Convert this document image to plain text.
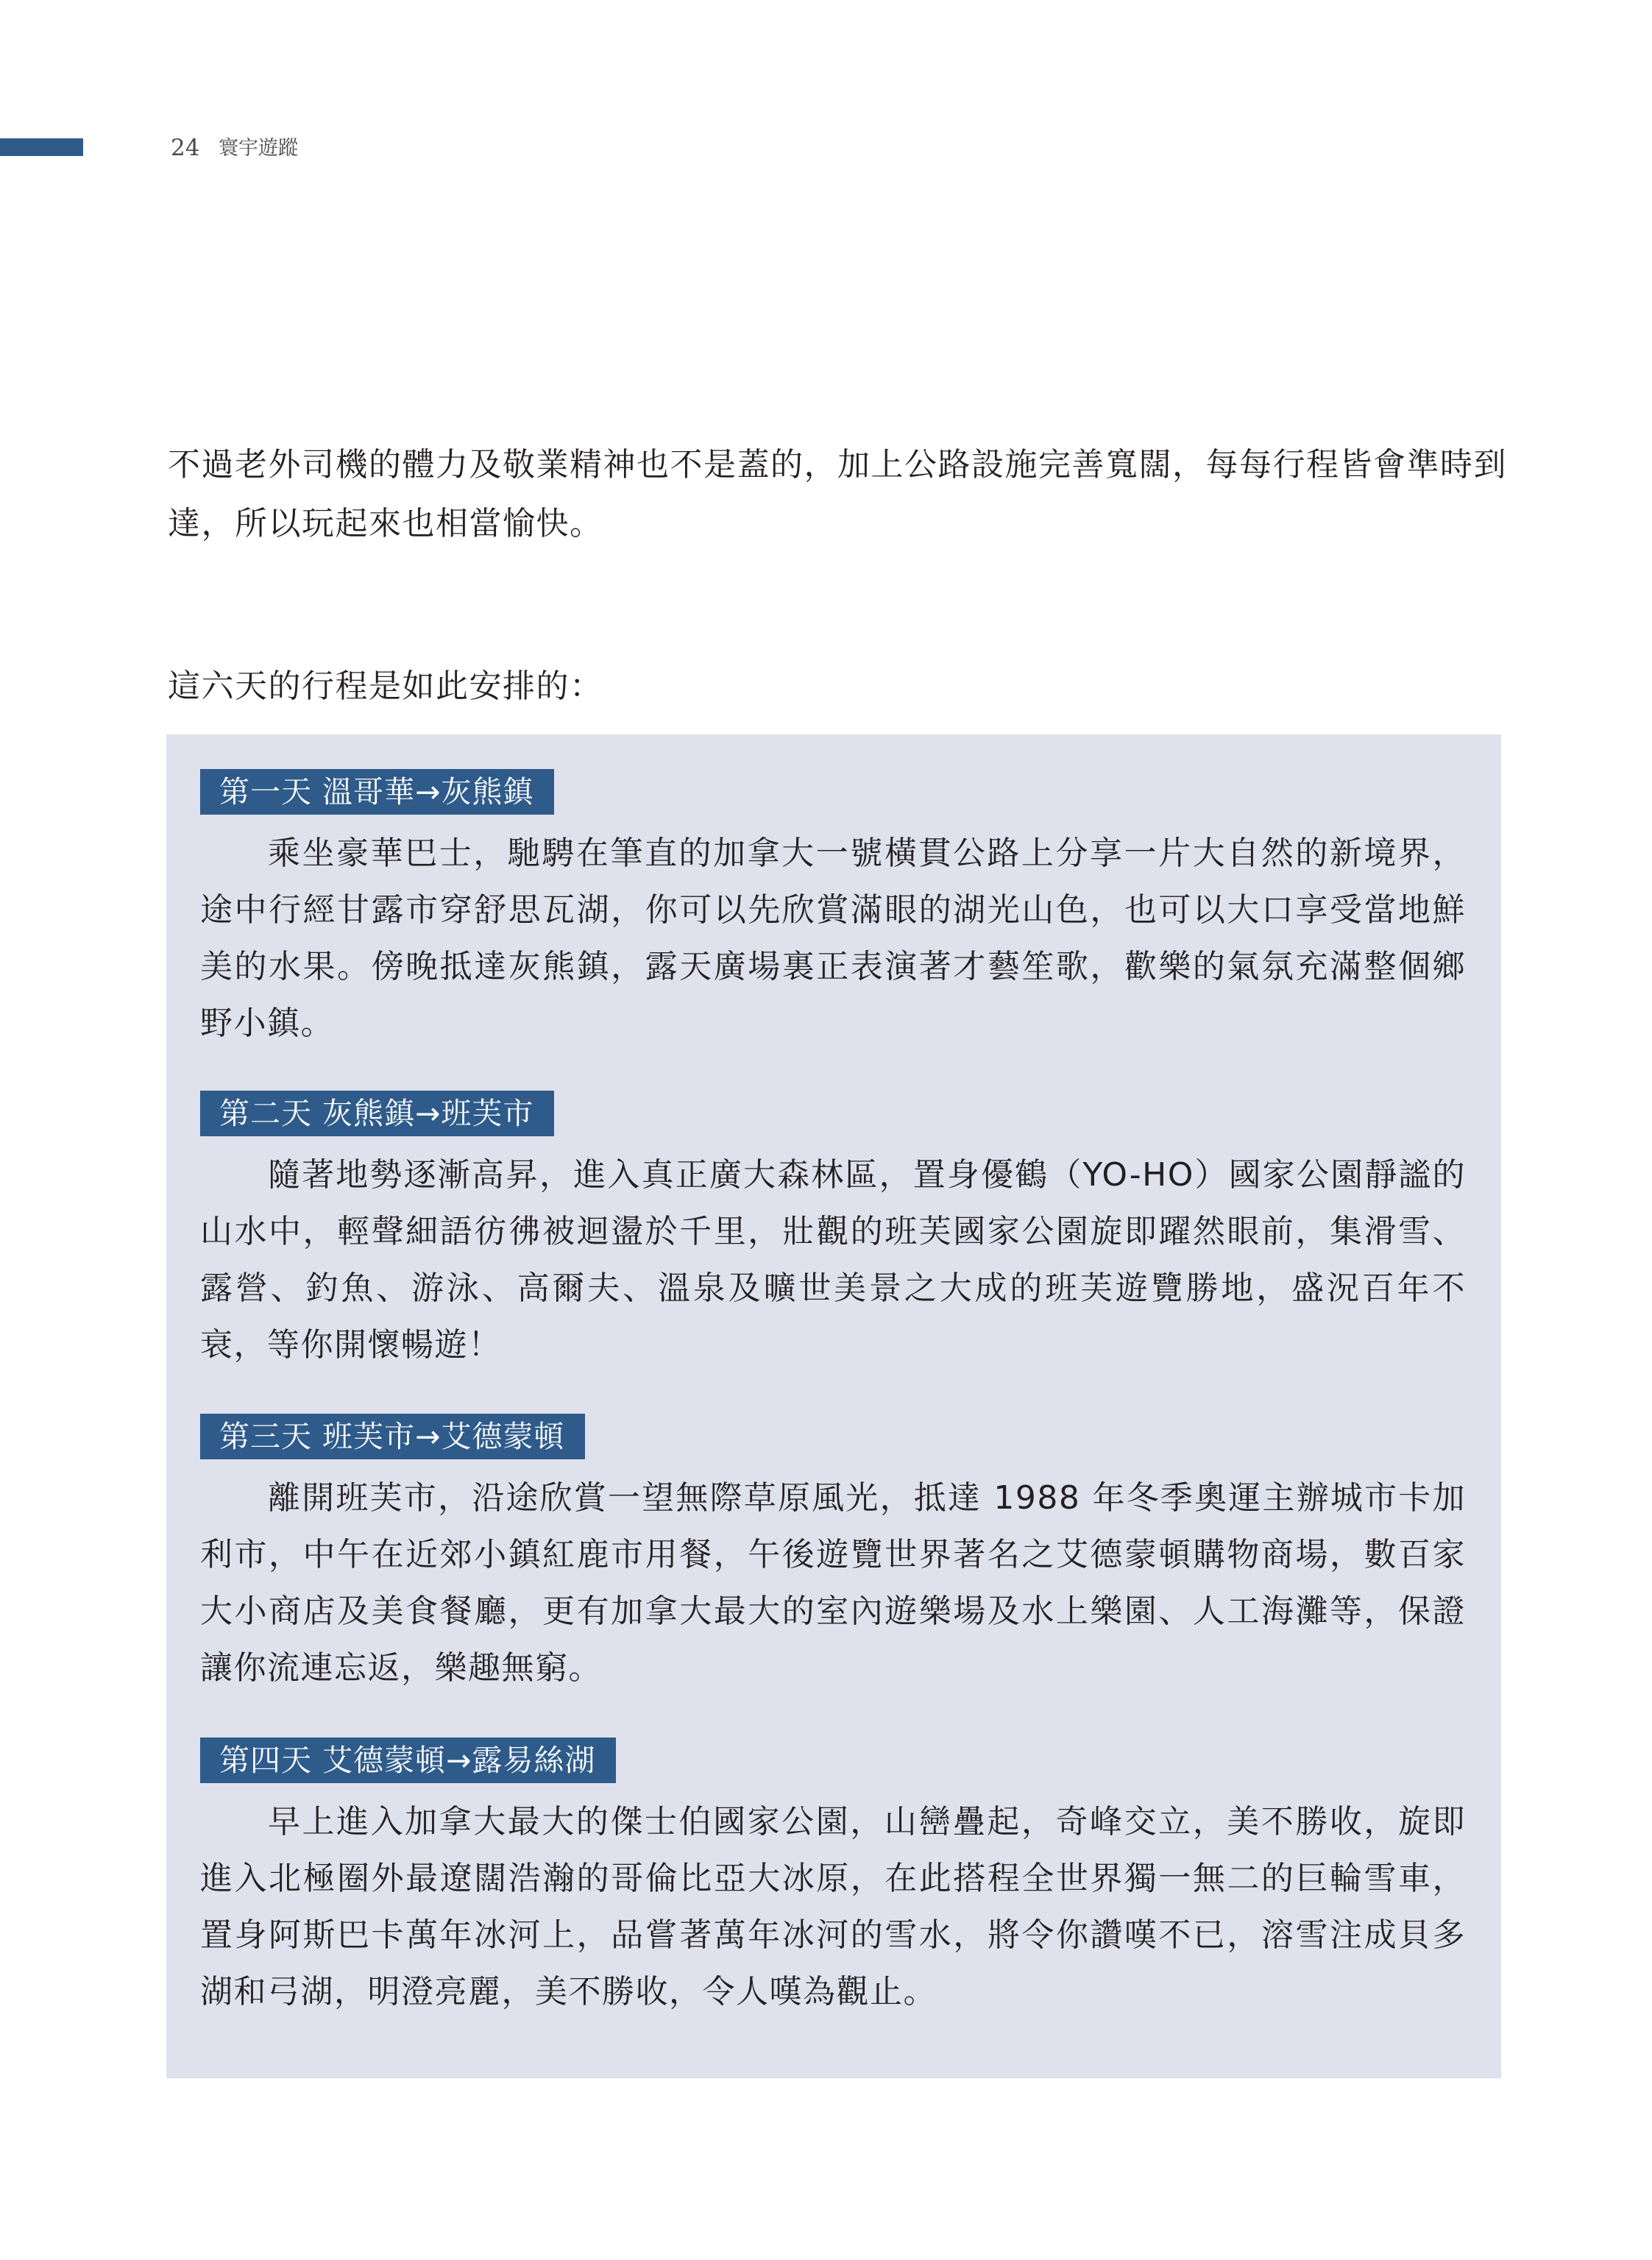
24 寰宇遊蹤

不過老外司機的體力及敬業精神也不是蓋的，加上公路設施完善寬闊，每每行程皆會準時到達，所以玩起來也相當愉快。

這六天的行程是如此安排的：

第一天 溫哥華→灰熊鎮

乘坐豪華巴士，馳騁在筆直的加拿大一號橫貫公路上分享一片大自然的新境界，途中行經甘露市穿舒思瓦湖，你可以先欣賞滿眼的湖光山色，也可以大口享受當地鮮美的水果。傍晚抵達灰熊鎮，露天廣場裏正表演著才藝笙歌，歡樂的氣氛充滿整個鄉野小鎮。

第二天 灰熊鎮→班芙市

隨著地勢逐漸高昇，進入真正廣大森林區，置身優鶴（YO-HO）國家公園靜謐的山水中，輕聲細語彷彿被迴盪於千里，壯觀的班芙國家公園旋即躍然眼前，集滑雪、露營、釣魚、游泳、高爾夫、溫泉及曠世美景之大成的班芙遊覽勝地，盛況百年不衰，等你開懷暢遊！

第三天 班芙市→艾德蒙頓

離開班芙市，沿途欣賞一望無際草原風光，抵達 1988 年冬季奧運主辦城市卡加利市，中午在近郊小鎮紅鹿市用餐，午後遊覽世界著名之艾德蒙頓購物商場，數百家大小商店及美食餐廳，更有加拿大最大的室內遊樂場及水上樂園、人工海灘等，保證讓你流連忘返，樂趣無窮。

第四天 艾德蒙頓→露易絲湖

早上進入加拿大最大的傑士伯國家公園，山巒疊起，奇峰交立，美不勝收，旋即進入北極圈外最遼闊浩瀚的哥倫比亞大冰原，在此搭程全世界獨一無二的巨輪雪車，置身阿斯巴卡萬年冰河上，品嘗著萬年冰河的雪水，將令你讚嘆不已，溶雪注成貝多湖和弓湖，明澄亮麗，美不勝收，令人嘆為觀止。
